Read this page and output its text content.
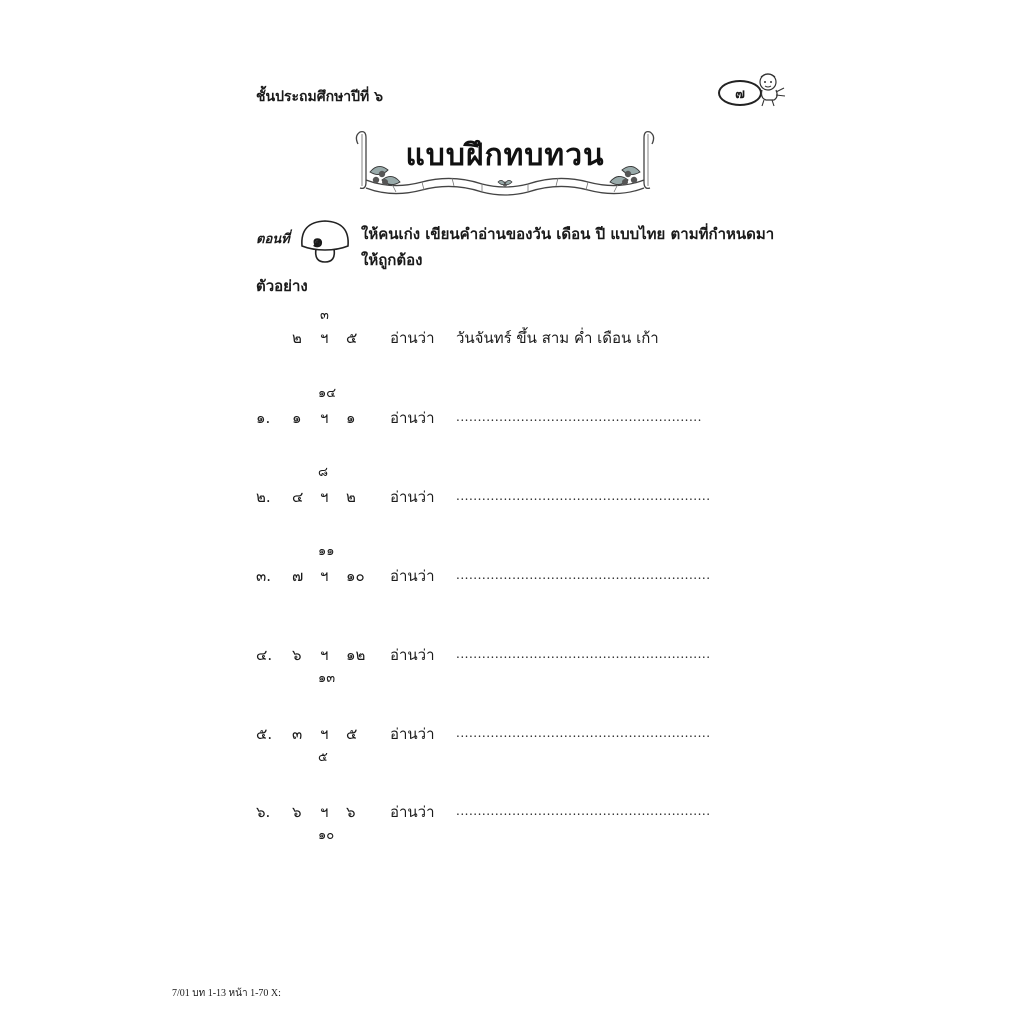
ชั้นประถมศึกษาปีที่ ๖	๗
แบบฝึกทบทวน
ตอนที่ ๑	ให้คนเก่ง เขียนคำอ่านของวัน เดือน ปี แบบไทย ตามที่กำหนดมา
ให้ถูกต้อง
ตัวอย่าง
๓
๒ ฯ ๕ อ่านว่า วันจันทร์ ขึ้น สาม ค่ำ เดือน เก้า
๑. ๑ ฯ ๑ อ่านว่า .........................................................
๑๔
๒. ๔ ฯ ๒ อ่านว่า ...........................................................
๘
๓. ๗ ฯ ๑๐ อ่านว่า ...........................................................
๑๑
๔. ๖ ฯ ๑๒ อ่านว่า ...........................................................
๑๓
๕. ๓ ฯ ๕ อ่านว่า ...........................................................
๕
๖. ๖ ฯ ๖ อ่านว่า ...........................................................
๑๐
7/01 บท 1-13 หน้า 1-70 X:
